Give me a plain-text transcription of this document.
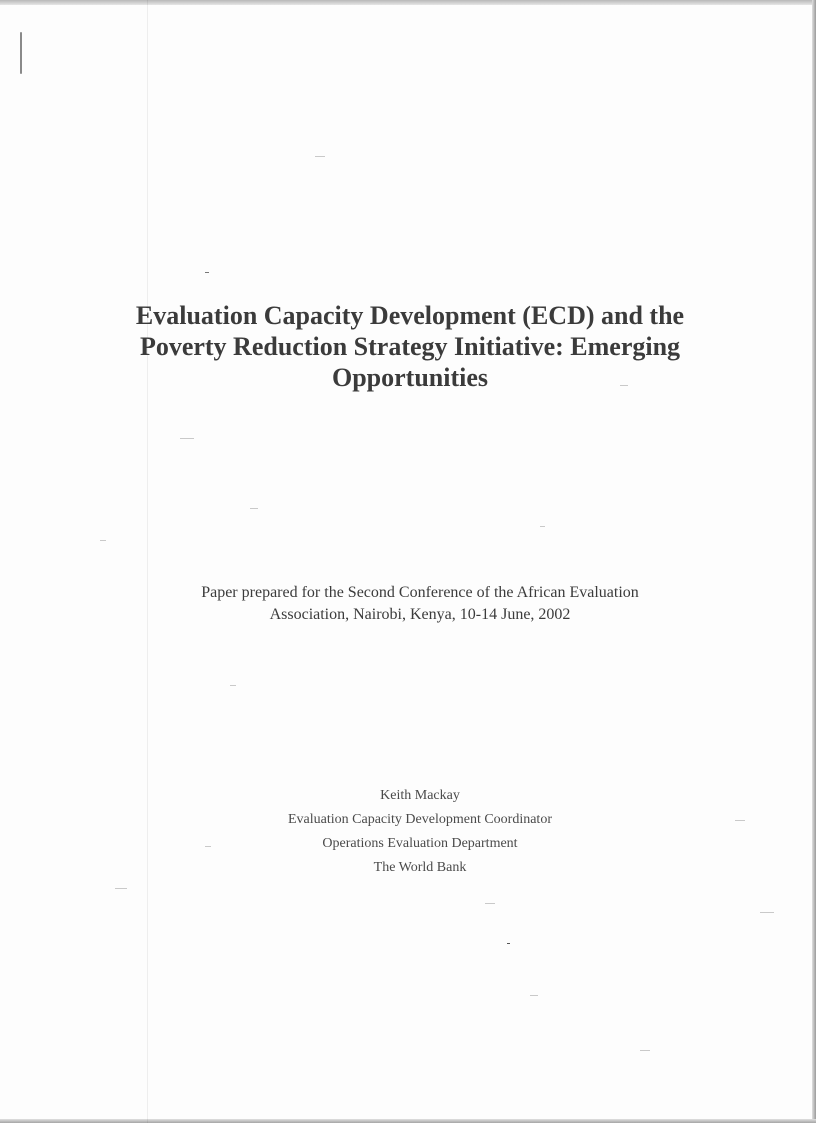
Evaluation Capacity Development (ECD) and the
Poverty Reduction Strategy Initiative: Emerging
Opportunities
Paper prepared for the Second Conference of the African Evaluation
Association, Nairobi, Kenya, 10-14 June, 2002
Keith Mackay
Evaluation Capacity Development Coordinator
Operations Evaluation Department
The World Bank
